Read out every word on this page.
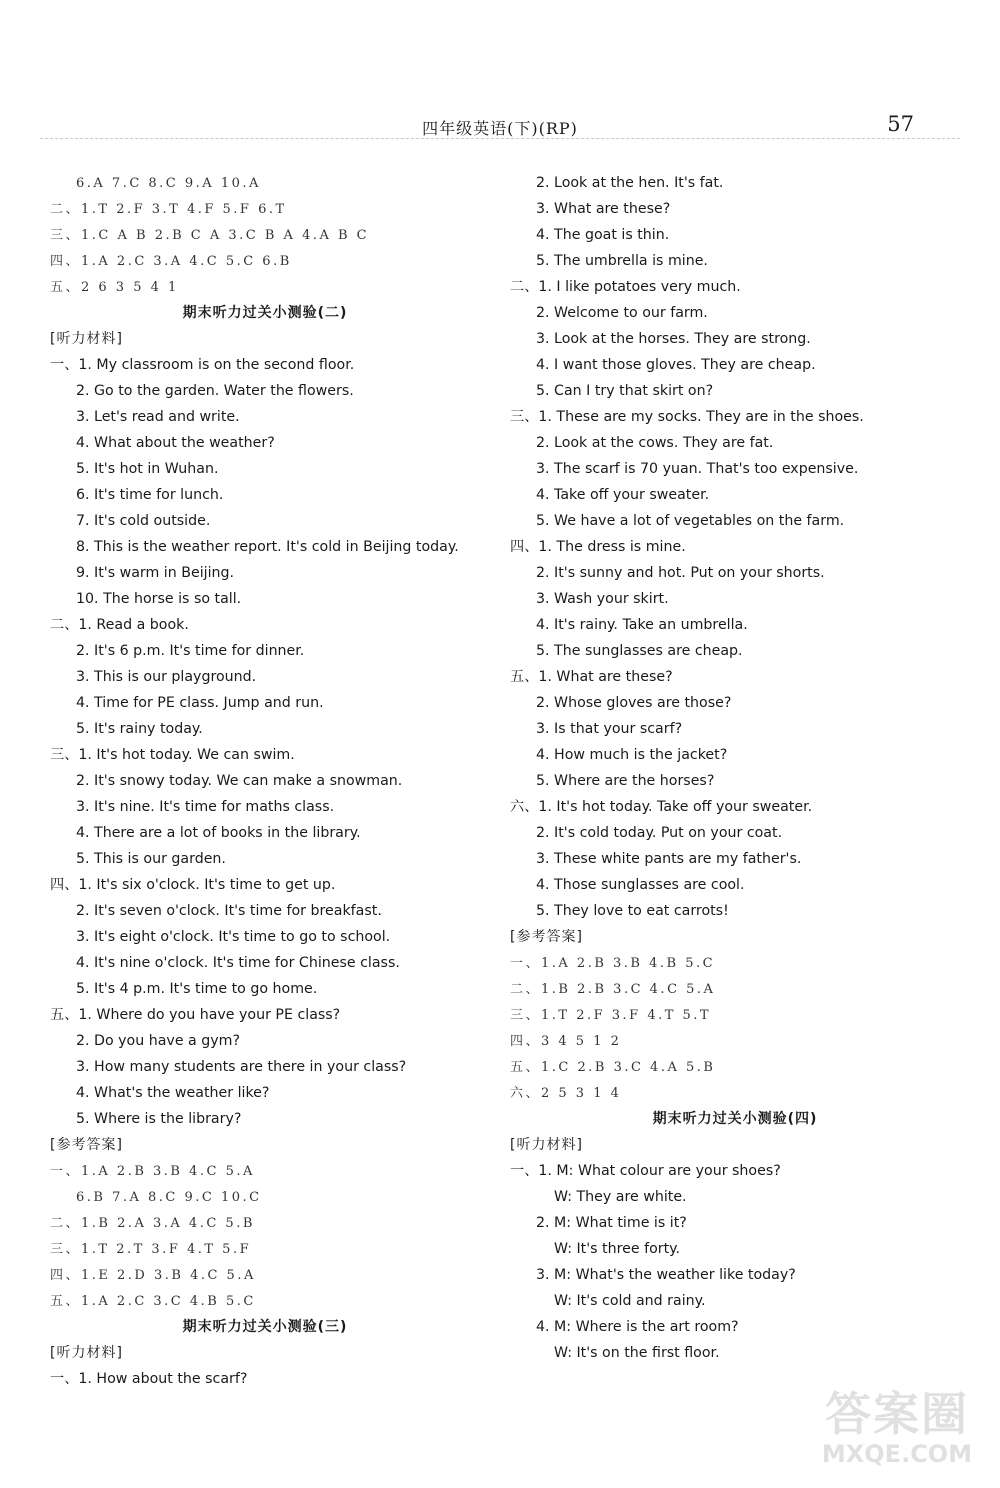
四年级英语(下)(RP)	57
6.A 7.C 8.C 9.A 10.A
二、1.T 2.F 3.T 4.F 5.F 6.T
三、1.C A B 2.B C A 3.C B A 4.A B C
四、1.A 2.C 3.A 4.C 5.C 6.B
五、2 6 3 5 4 1
期末听力过关小测验(二)
[听力材料]
一、1. My classroom is on the second floor.
2. Go to the garden. Water the flowers.
3. Let's read and write.
4. What about the weather?
5. It's hot in Wuhan.
6. It's time for lunch.
7. It's cold outside.
8. This is the weather report. It's cold in Beijing today.
9. It's warm in Beijing.
10. The horse is so tall.
二、1. Read a book.
2. It's 6 p.m. It's time for dinner.
3. This is our playground.
4. Time for PE class. Jump and run.
5. It's rainy today.
三、1. It's hot today. We can swim.
2. It's snowy today. We can make a snowman.
3. It's nine. It's time for maths class.
4. There are a lot of books in the library.
5. This is our garden.
四、1. It's six o'clock. It's time to get up.
2. It's seven o'clock. It's time for breakfast.
3. It's eight o'clock. It's time to go to school.
4. It's nine o'clock. It's time for Chinese class.
5. It's 4 p.m. It's time to go home.
五、1. Where do you have your PE class?
2. Do you have a gym?
3. How many students are there in your class?
4. What's the weather like?
5. Where is the library?
[参考答案]
一、1.A 2.B 3.B 4.C 5.A
6.B 7.A 8.C 9.C 10.C
二、1.B 2.A 3.A 4.C 5.B
三、1.T 2.T 3.F 4.T 5.F
四、1.E 2.D 3.B 4.C 5.A
五、1.A 2.C 3.C 4.B 5.C
期末听力过关小测验(三)
[听力材料]
一、1. How about the scarf?
2. Look at the hen. It's fat.
3. What are these?
4. The goat is thin.
5. The umbrella is mine.
二、1. I like potatoes very much.
2. Welcome to our farm.
3. Look at the horses. They are strong.
4. I want those gloves. They are cheap.
5. Can I try that skirt on?
三、1. These are my socks. They are in the shoes.
2. Look at the cows. They are fat.
3. The scarf is 70 yuan. That's too expensive.
4. Take off your sweater.
5. We have a lot of vegetables on the farm.
四、1. The dress is mine.
2. It's sunny and hot. Put on your shorts.
3. Wash your skirt.
4. It's rainy. Take an umbrella.
5. The sunglasses are cheap.
五、1. What are these?
2. Whose gloves are those?
3. Is that your scarf?
4. How much is the jacket?
5. Where are the horses?
六、1. It's hot today. Take off your sweater.
2. It's cold today. Put on your coat.
3. These white pants are my father's.
4. Those sunglasses are cool.
5. They love to eat carrots!
[参考答案]
一、1.A 2.B 3.B 4.B 5.C
二、1.B 2.B 3.C 4.C 5.A
三、1.T 2.F 3.F 4.T 5.T
四、3 4 5 1 2
五、1.C 2.B 3.C 4.A 5.B
六、2 5 3 1 4
期末听力过关小测验(四)
[听力材料]
一、1. M: What colour are your shoes?
W: They are white.
2. M: What time is it?
W: It's three forty.
3. M: What's the weather like today?
W: It's cold and rainy.
4. M: Where is the art room?
W: It's on the first floor.
答案圈
MXQE.COM
